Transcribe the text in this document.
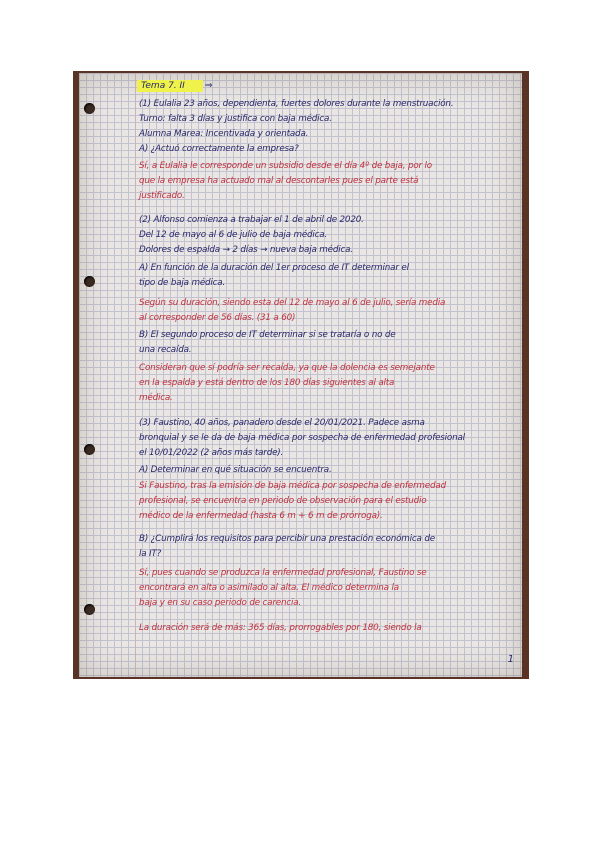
Tema 7. II ⇒
(1) Eulalia 23 años, dependienta, fuertes dolores durante la menstruación.
Turno: falta 3 días y justifica con baja médica.
Alumna Marea: Incentivada y orientada.
A) ¿Actuó correctamente la empresa?
Sí, a Eulalia le corresponde un subsidio desde el día 4º de baja, por lo
que la empresa ha actuado mal al descontarles pues el parte está
justificado.
(2) Alfonso comienza a trabajar el 1 de abril de 2020.
Del 12 de mayo al 6 de julio de baja médica.
Dolores de espalda → 2 días → nueva baja médica.
A) En función de la duración del 1er proceso de IT determinar el
tipo de baja médica.
Según su duración, siendo esta del 12 de mayo al 6 de julio, sería media
al corresponder de 56 días. (31 a 60)
B) El segundo proceso de IT determinar si se trataría o no de
una recaída.
Consideran que sí podría ser recaída, ya que la dolencia es semejante
en la espalda y está dentro de los 180 días siguientes al alta
médica.
(3) Faustino, 40 años, panadero desde el 20/01/2021. Padece asma
bronquial y se le da de baja médica por sospecha de enfermedad profesional
el 10/01/2022 (2 años más tarde).
A) Determinar en qué situación se encuentra.
Si Faustino, tras la emisión de baja médica por sospecha de enfermedad
profesional, se encuentra en periodo de observación para el estudio
médico de la enfermedad (hasta 6 m + 6 m de prórroga).
B) ¿Cumplirá los requisitos para percibir una prestación económica de
la IT?
Sí, pues cuando se produzca la enfermedad profesional, Faustino se
encontrará en alta o asimilado al alta. El médico determina la
baja y en su caso periodo de carencia.
La duración será de más: 365 días, prorrogables por 180, siendo la
1
